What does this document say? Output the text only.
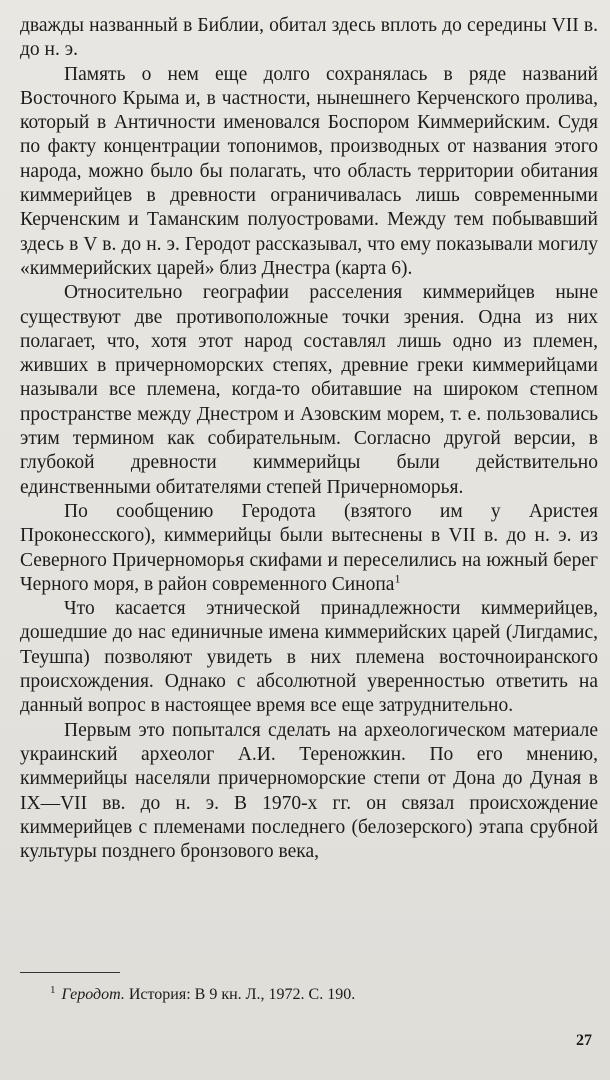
дважды названный в Библии, обитал здесь вплоть до середины VII в. до н. э.

Память о нем еще долго сохранялась в ряде названий Восточного Крыма и, в частности, нынешнего Керченского пролива, который в Античности именовался Боспором Киммерийским. Судя по факту концентрации топонимов, производных от названия этого народа, можно было бы полагать, что область территории обитания киммерийцев в древности ограничивалась лишь современными Керченским и Таманским полуостровами. Между тем побывавший здесь в V в. до н. э. Геродот рассказывал, что ему показывали могилу «киммерийских царей» близ Днестра (карта 6).

Относительно географии расселения киммерийцев ныне существуют две противоположные точки зрения. Одна из них полагает, что, хотя этот народ составлял лишь одно из племен, живших в причерноморских степях, древние греки киммерийцами называли все племена, когда-то обитавшие на широком степном пространстве между Днестром и Азовским морем, т. е. пользовались этим термином как собирательным. Согласно другой версии, в глубокой древности киммерийцы были действительно единственными обитателями степей Причерноморья.

По сообщению Геродота (взятого им у Аристея Проконесского), киммерийцы были вытеснены в VII в. до н. э. из Северного Причерноморья скифами и переселились на южный берег Черного моря, в район современного Синопа$^1$

Что касается этнической принадлежности киммерийцев, дошедшие до нас единичные имена киммерийских царей (Лигдамис, Теушпа) позволяют увидеть в них племена восточноиранского происхождения. Однако с абсолютной уверенностью ответить на данный вопрос в настоящее время все еще затруднительно.

Первым это попытался сделать на археологическом материале украинский археолог А.И. Тереножкин. По его мнению, киммерийцы населяли причерноморские степи от Дона до Дуная в IX—VII вв. до н. э. В 1970-х гг. он связал происхождение киммерийцев с племенами последнего (белозерского) этапа срубной культуры позднего бронзового века,

$^1$ Геродот. История: В 9 кн. Л., 1972. С. 190.
27
